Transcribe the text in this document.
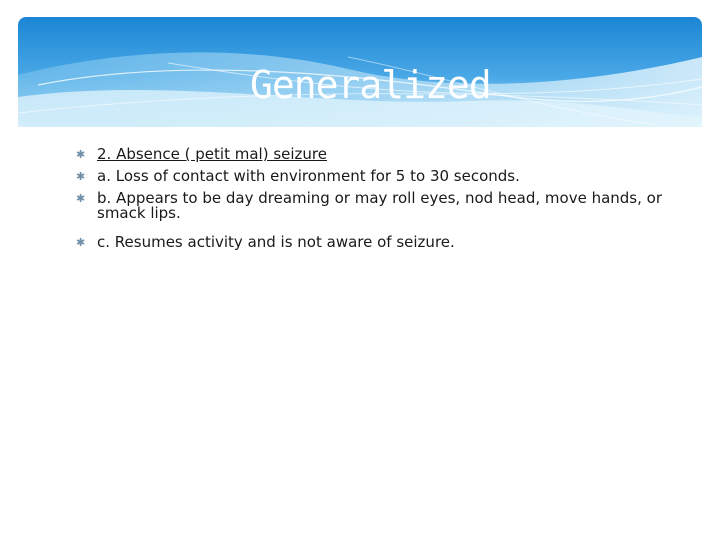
Generalized
✱ 2. Absence ( petit mal) seizure
✱ a. Loss of contact with environment for 5 to 30 seconds.
✱ b. Appears to be day dreaming or may roll eyes, nod head, move hands, or smack lips.
✱ c. Resumes activity and is not aware of seizure.
